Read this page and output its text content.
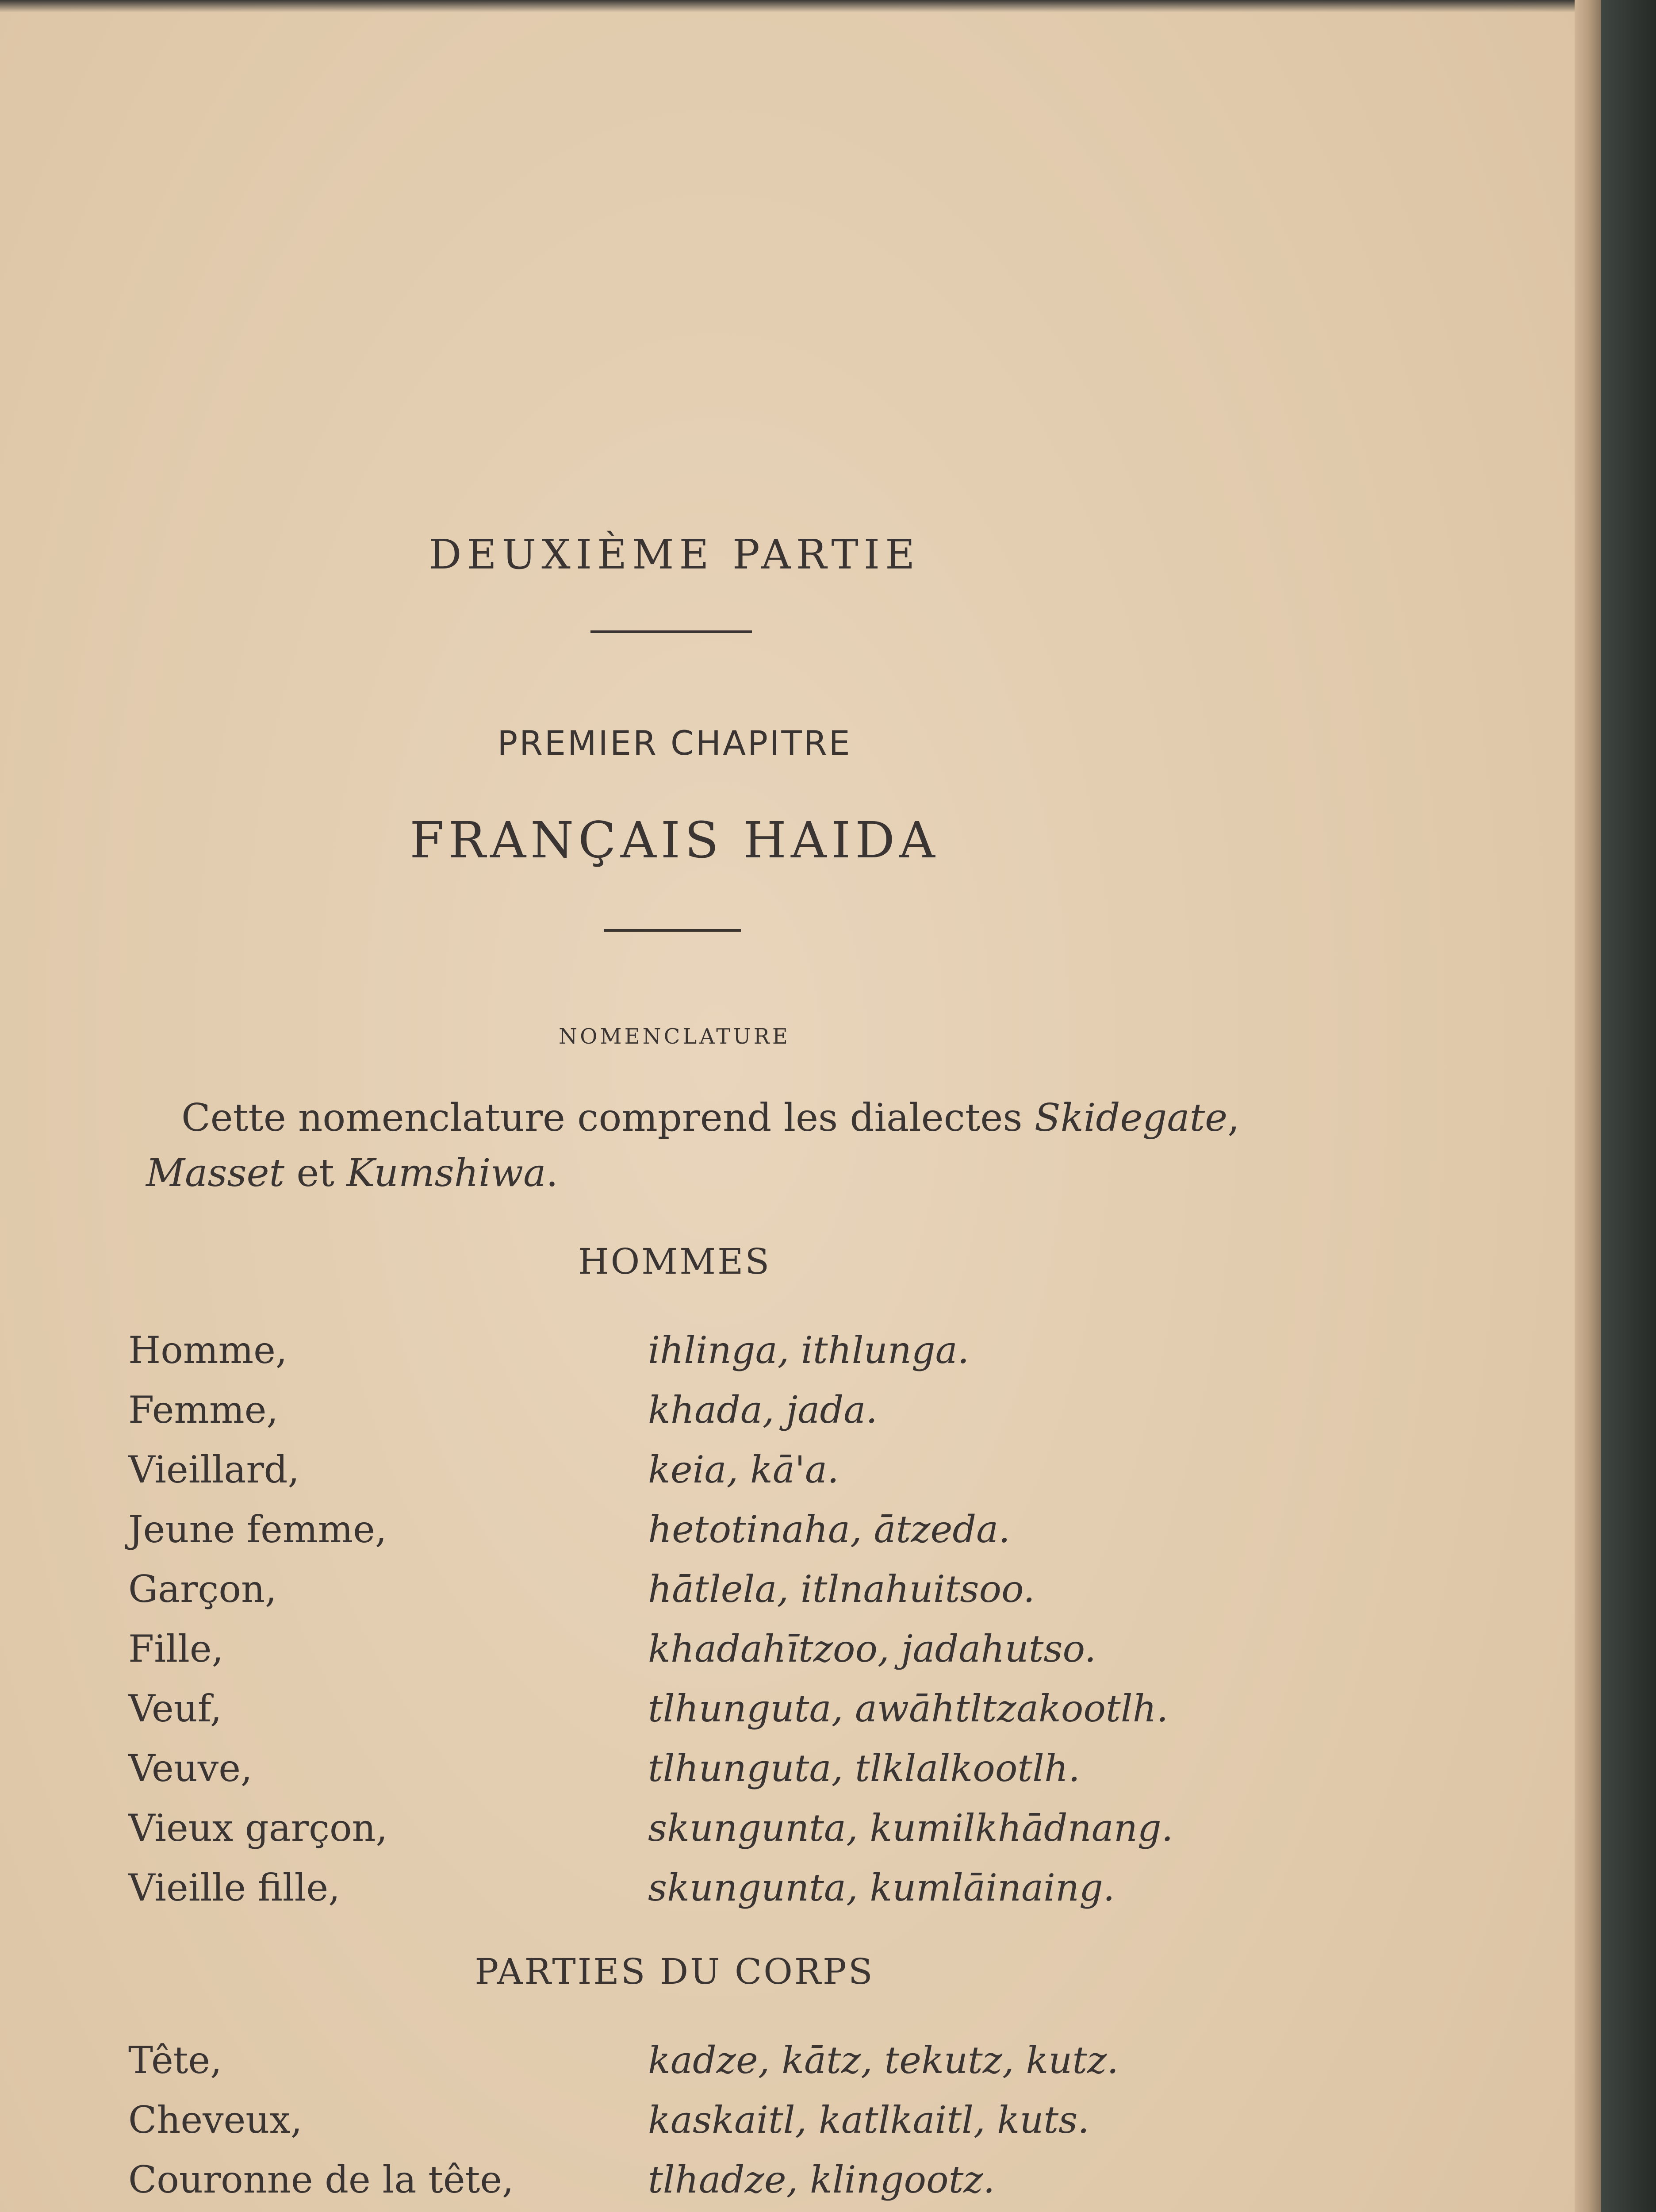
DEUXIÈME PARTIE
PREMIER CHAPITRE
FRANÇAIS HAIDA
NOMENCLATURE

Cette nomenclature comprend les dialectes Skidegate, Masset et Kumshiwa.

HOMMES
Homme,	ihlinga, ithlunga.
Femme,	khada, jada.
Vieillard,	keia, kā'a.
Jeune femme,	hetotinaha, ātzeda.
Garçon,	hātlela, itlnahuitsoo.
Fille,	khadahītzoo, jadahutso.
Veuf,	tlhunguta, awāhtltzakootlh.
Veuve,	tlhunguta, tlklalkootlh.
Vieux garçon,	skungunta, kumilkhādnang.
Vieille fille,	skungunta, kumlāinaing.
PARTIES DU CORPS
Tête,	kadze, kātz, tekutz, kutz.
Cheveux,	kaskaitl, katlkaitl, kuts.
Couronne de la tête,	tlhadze, klingootz.
